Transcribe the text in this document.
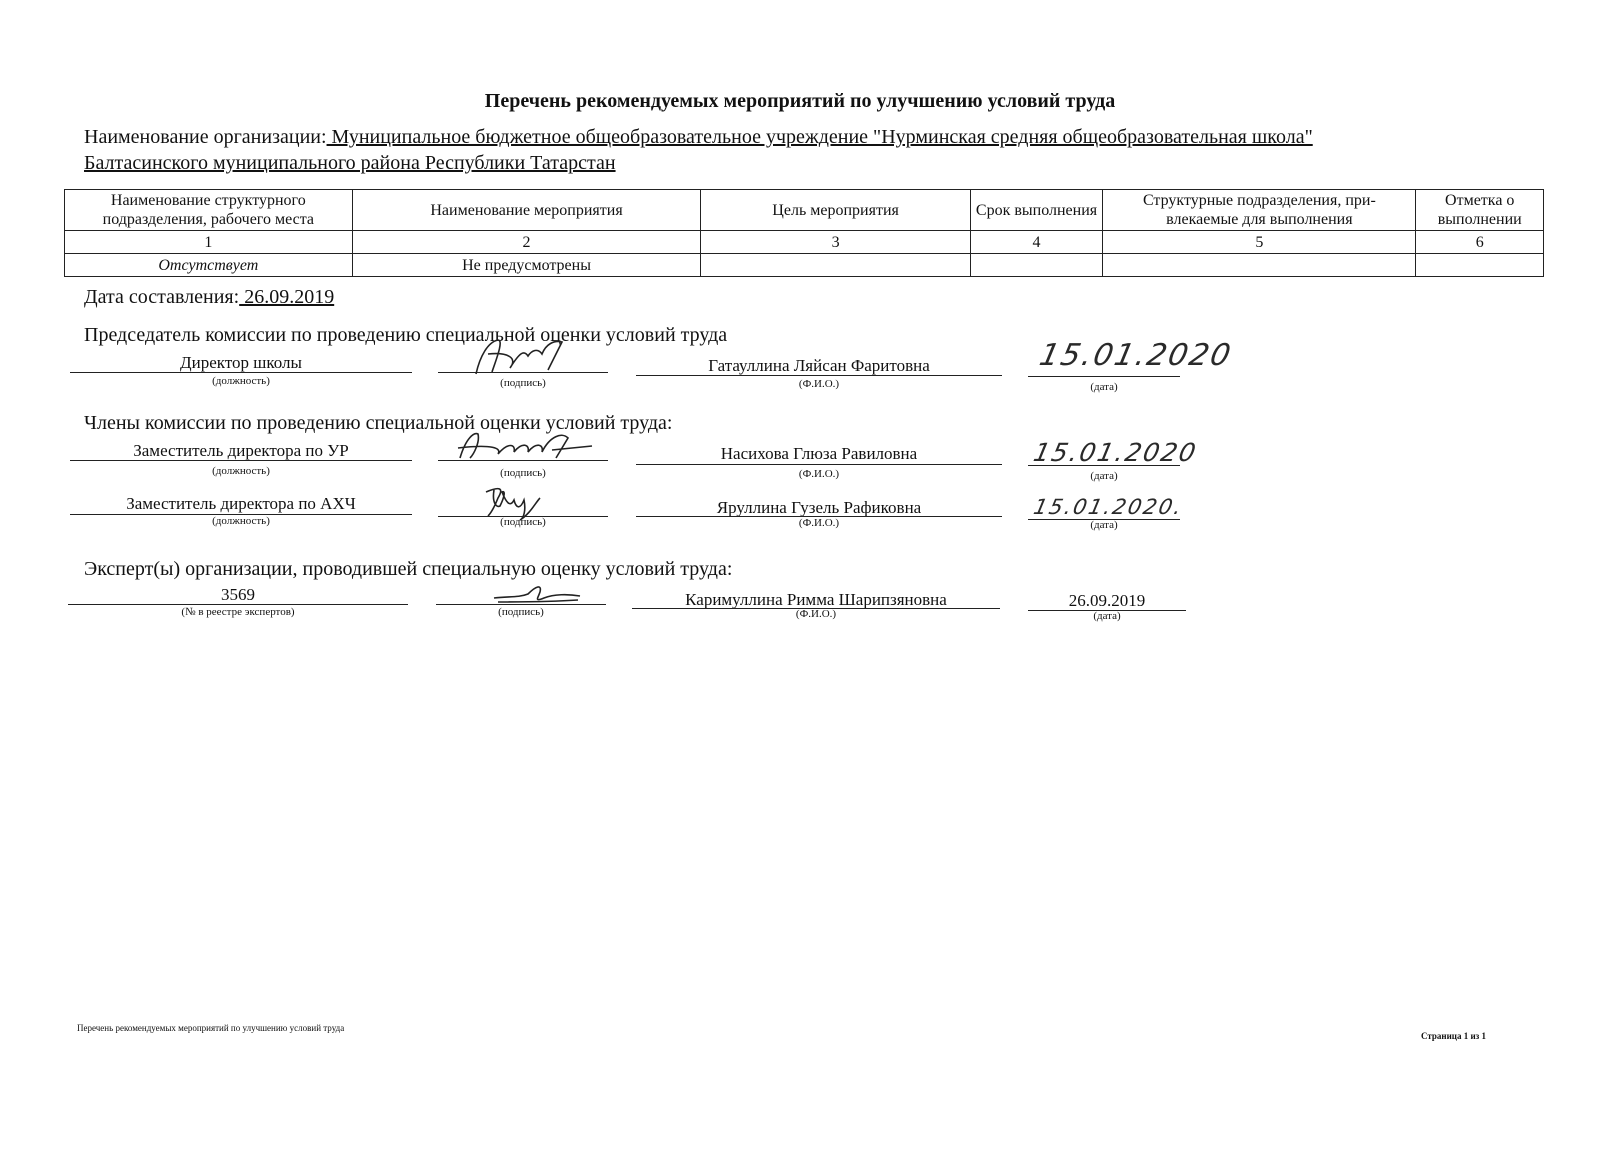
Перечень рекомендуемых мероприятий по улучшению условий труда
Наименование организации: Муниципальное бюджетное общеобразовательное учреждение "Нурминская средняя общеобразовательная школа"
Балтасинского муниципального района Республики Татарстан
Наименование структурного подразделения, рабочего места	Наименование мероприятия	Цель мероприятия	Срок выполнения	Структурные подразделения, при-влекаемые для выполнения	Отметка о выполнении
1	2	3	4	5	6
Отсутствует	Не предусмотрены				
Дата составления: 26.09.2019
Председатель комиссии по проведению специальной оценки условий труда
Директор школы
(должность)	(подпись)
Гатауллина Ляйсан Фаритовна
(Ф.И.О.)
15.01.2020
(дата)
Члены комиссии по проведению специальной оценки условий труда:
Заместитель директора по УР
(должность)	(подпись)
Насихова Глюза Равиловна
(Ф.И.О.)
15.01.2020
(дата)
Заместитель директора по АХЧ
(должность)	(подпись)
Яруллина Гузель Рафиковна
(Ф.И.О.)
15.01.2020.
(дата)
Эксперт(ы) организации, проводившей специальную оценку условий труда:
3569
(№ в реестре экспертов)	(подпись)
Каримуллина Римма Шарипзяновна
(Ф.И.О.)
26.09.2019
(дата)
Перечень рекомендуемых мероприятий по улучшению условий труда
Страница 1 из 1
